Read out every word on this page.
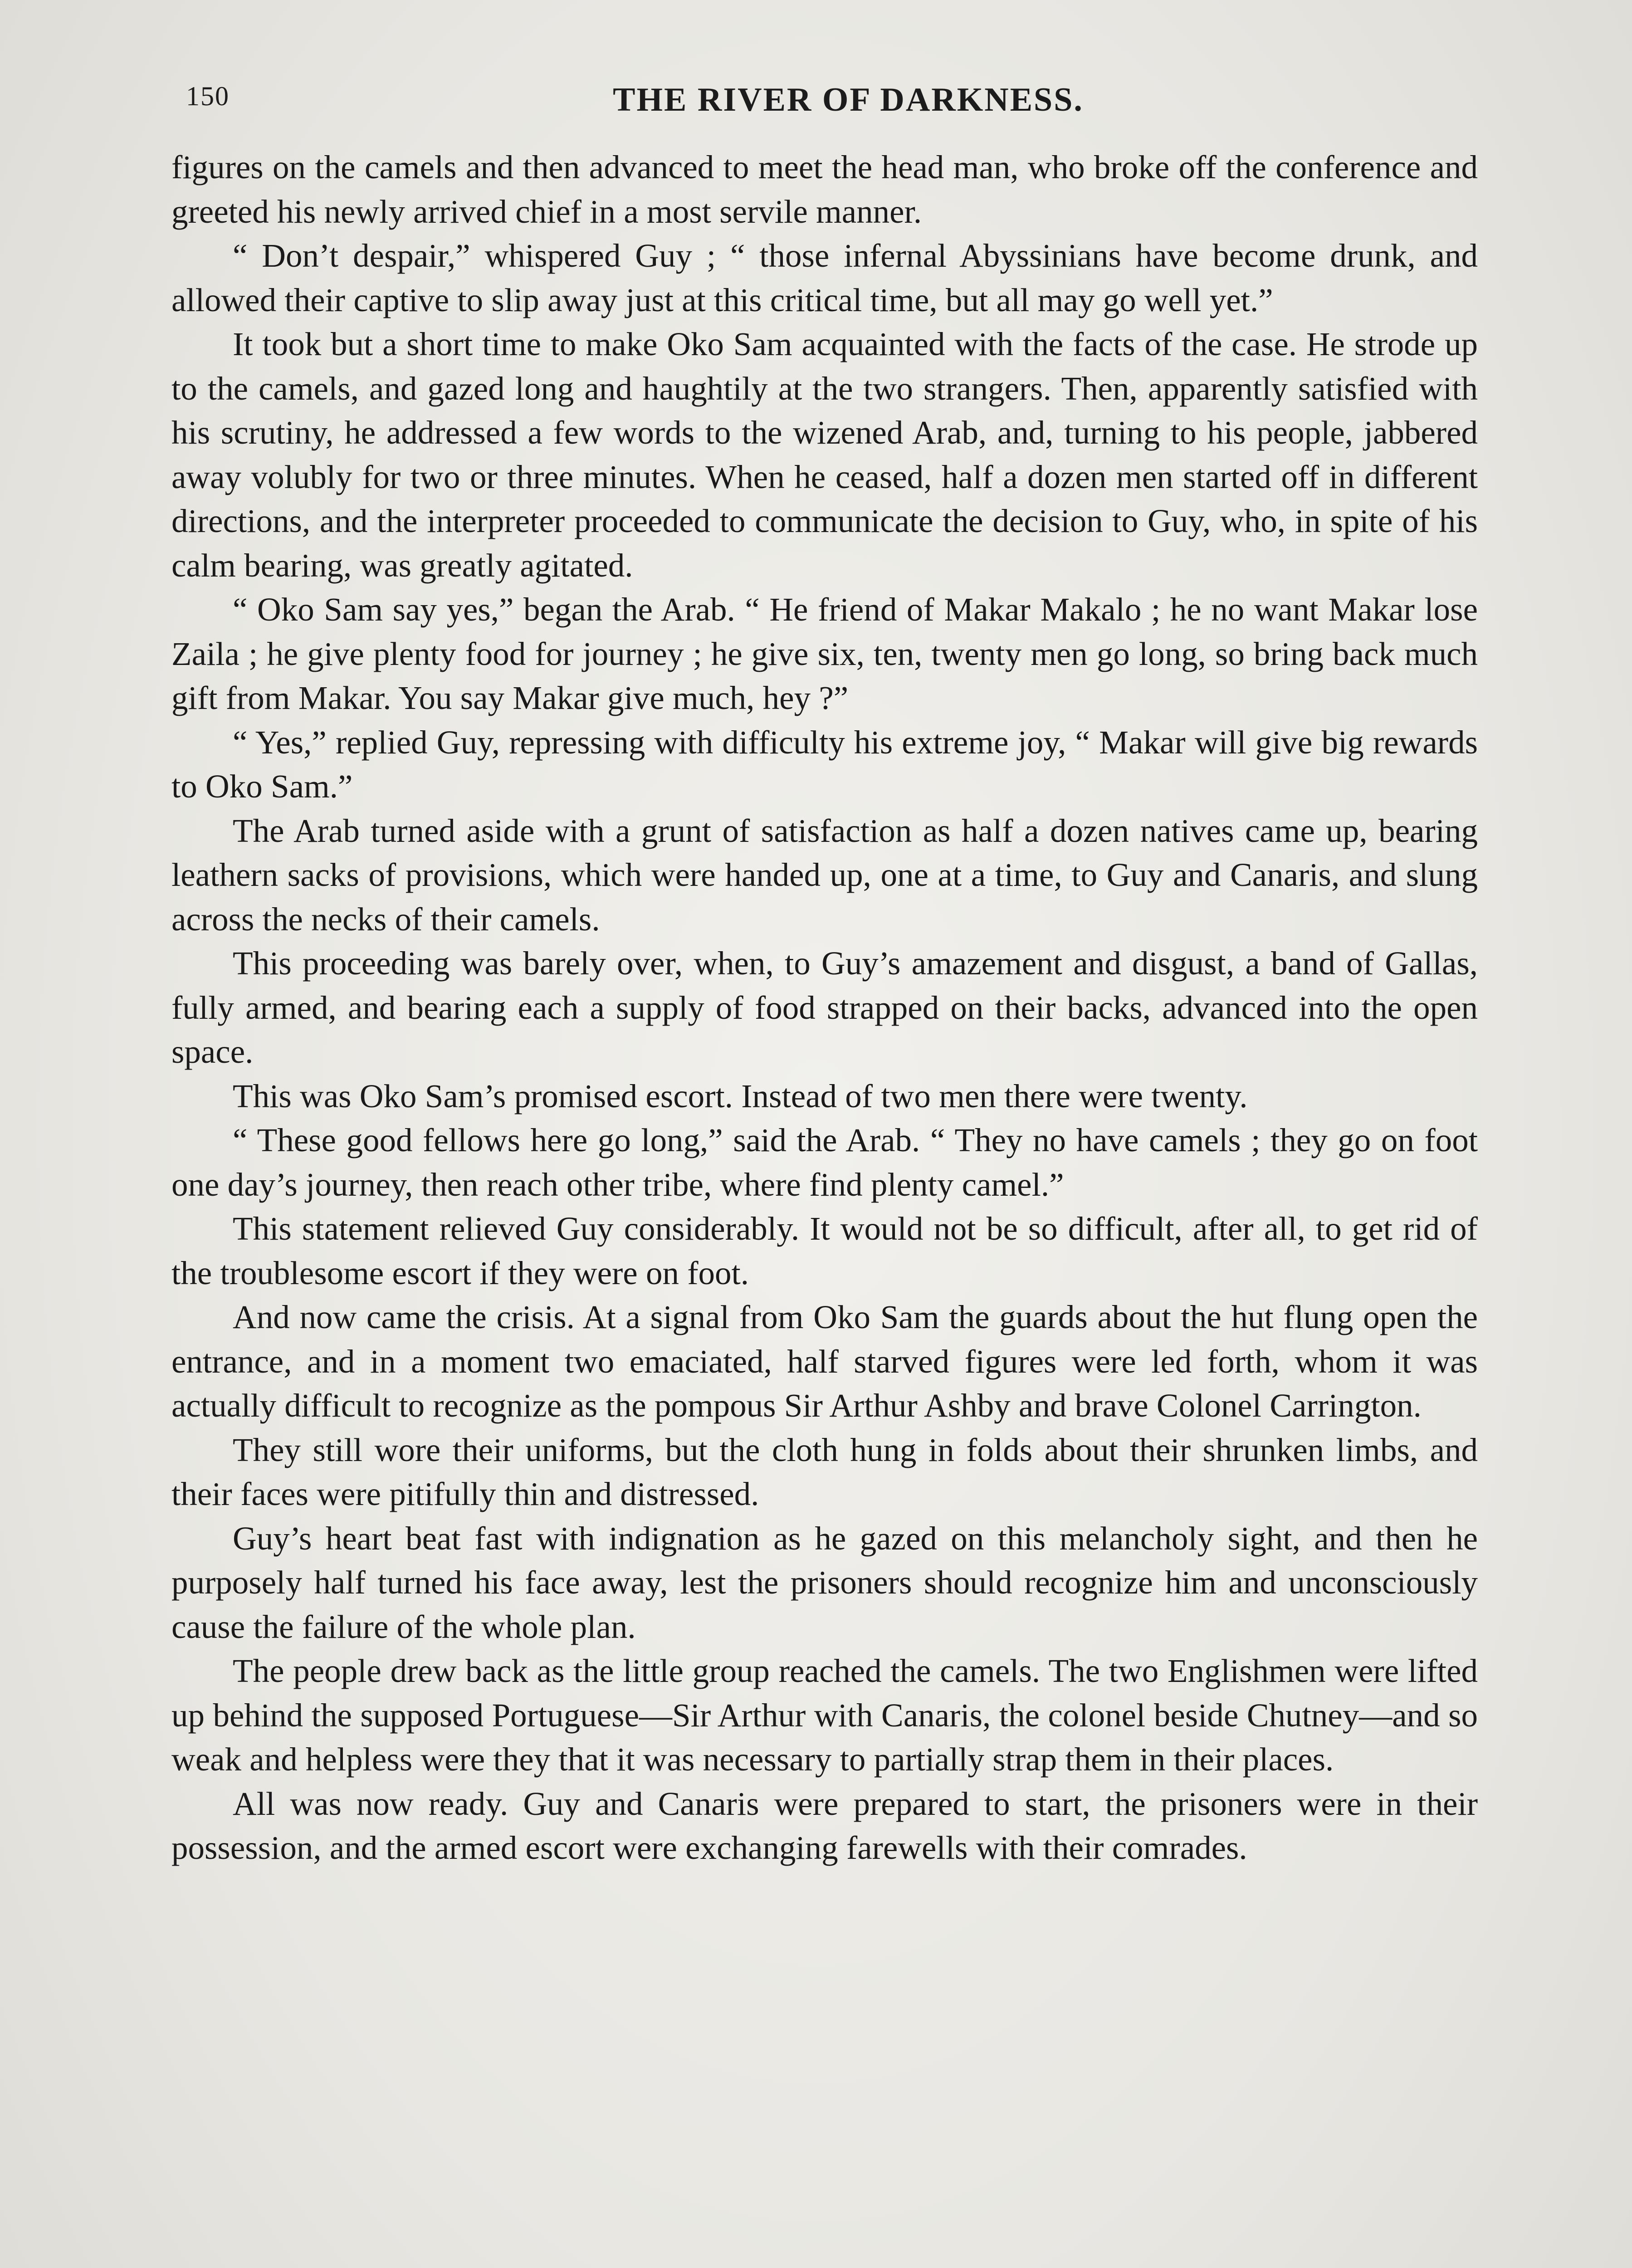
150	THE RIVER OF DARKNESS.

figures on the camels and then advanced to meet the head man, who broke off the conference and greeted his newly arrived chief in a most servile manner.

“ Don’t despair,” whispered Guy ; “ those infernal Abyssinians have become drunk, and allowed their captive to slip away just at this critical time, but all may go well yet.”

It took but a short time to make Oko Sam acquainted with the facts of the case. He strode up to the camels, and gazed long and haughtily at the two strangers. Then, apparently satisfied with his scrutiny, he addressed a few words to the wizened Arab, and, turning to his people, jabbered away volubly for two or three minutes. When he ceased, half a dozen men started off in different directions, and the interpreter proceeded to communicate the decision to Guy, who, in spite of his calm bearing, was greatly agitated.

“ Oko Sam say yes,” began the Arab. “ He friend of Makar Makalo ; he no want Makar lose Zaila ; he give plenty food for journey ; he give six, ten, twenty men go long, so bring back much gift from Makar. You say Makar give much, hey ?”

“ Yes,” replied Guy, repressing with difficulty his extreme joy, “ Makar will give big rewards to Oko Sam.”

The Arab turned aside with a grunt of satisfaction as half a dozen natives came up, bearing leathern sacks of provisions, which were handed up, one at a time, to Guy and Canaris, and slung across the necks of their camels.

This proceeding was barely over, when, to Guy’s amazement and disgust, a band of Gallas, fully armed, and bearing each a supply of food strapped on their backs, advanced into the open space.

This was Oko Sam’s promised escort. Instead of two men there were twenty.

“ These good fellows here go long,” said the Arab. “ They no have camels ; they go on foot one day’s journey, then reach other tribe, where find plenty camel.”

This statement relieved Guy considerably. It would not be so difficult, after all, to get rid of the troublesome escort if they were on foot.

And now came the crisis. At a signal from Oko Sam the guards about the hut flung open the entrance, and in a moment two emaciated, half starved figures were led forth, whom it was actually difficult to recognize as the pompous Sir Arthur Ashby and brave Colonel Carrington.

They still wore their uniforms, but the cloth hung in folds about their shrunken limbs, and their faces were pitifully thin and distressed.

Guy’s heart beat fast with indignation as he gazed on this melancholy sight, and then he purposely half turned his face away, lest the prisoners should recognize him and unconsciously cause the failure of the whole plan.

The people drew back as the little group reached the camels. The two Englishmen were lifted up behind the supposed Portuguese—Sir Arthur with Canaris, the colonel beside Chutney—and so weak and helpless were they that it was necessary to partially strap them in their places.

All was now ready. Guy and Canaris were prepared to start, the prisoners were in their possession, and the armed escort were exchanging farewells with their comrades.
